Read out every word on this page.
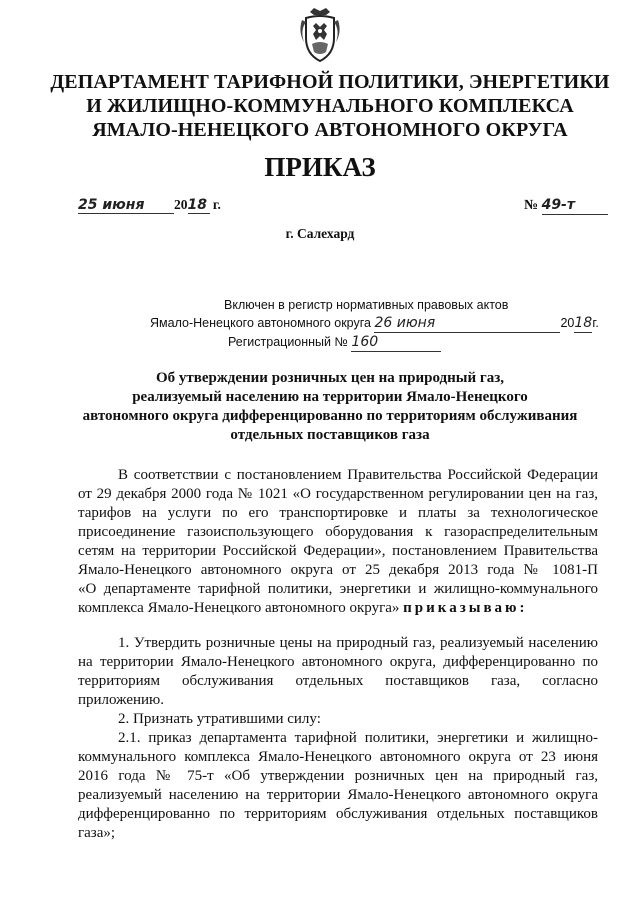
ДЕПАРТАМЕНТ ТАРИФНОЙ ПОЛИТИКИ, ЭНЕРГЕТИКИ
И ЖИЛИЩНО-КОММУНАЛЬНОГО КОМПЛЕКСА
ЯМАЛО-НЕНЕЦКОГО АВТОНОМНОГО ОКРУГА
ПРИКАЗ
25 июня 2018 г.	№ 49-т
г. Салехард
Включен в регистр нормативных правовых актов
Ямало-Ненецкого автономного округа 26 июня	2018г.
Регистрационный № 160
Об утверждении розничных цен на природный газ,
реализуемый населению на территории Ямало-Ненецкого
автономного округа дифференцированно по территориям обслуживания
отдельных поставщиков газа
В соответствии с постановлением Правительства Российской Федерации
от 29 декабря 2000 года № 1021 «О государственном регулировании цен на газ,
тарифов на услуги по его транспортировке и платы за технологическое
присоединение газоиспользующего оборудования к газораспределительным
сетям на территории Российской Федерации», постановлением Правительства
Ямало-Ненецкого автономного округа от 25 декабря 2013 года № 1081-П
«О департаменте тарифной политики, энергетики и жилищно-коммунального
комплекса Ямало-Ненецкого автономного округа» приказываю:
1. Утвердить розничные цены на природный газ, реализуемый населению
на территории Ямало-Ненецкого автономного округа, дифференцированно по
территориям обслуживания отдельных поставщиков газа, согласно
приложению.
2. Признать утратившими силу:
2.1. приказ департамента тарифной политики, энергетики и жилищно-
коммунального комплекса Ямало-Ненецкого автономного округа от 23 июня
2016 года № 75-т «Об утверждении розничных цен на природный газ,
реализуемый населению на территории Ямало-Ненецкого автономного округа
дифференцированно по территориям обслуживания отдельных поставщиков
газа»;
